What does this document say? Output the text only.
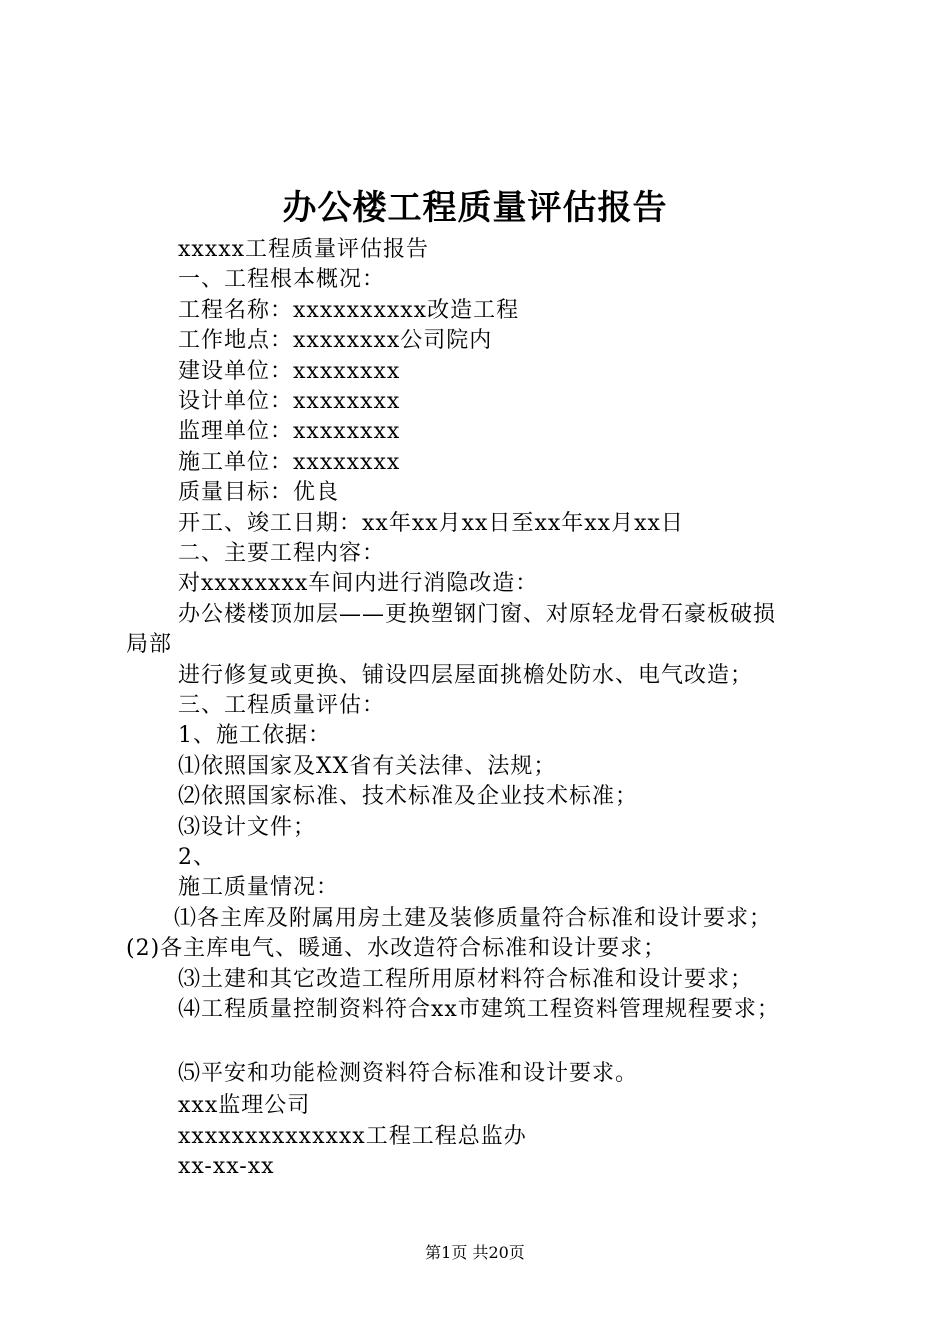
办公楼工程质量评估报告
xxxxx工程质量评估报告
一、工程根本概况：
工程名称：xxxxxxxxxx改造工程
工作地点：xxxxxxxx公司院内
建设单位：xxxxxxxx
设计单位：xxxxxxxx
监理单位：xxxxxxxx
施工单位：xxxxxxxx
质量目标：优良
开工、竣工日期：xx年xx月xx日至xx年xx月xx日
二、主要工程内容：
对xxxxxxxx车间内进行消隐改造：
办公楼楼顶加层——更换塑钢门窗、对原轻龙骨石豪板破损
局部
进行修复或更换、铺设四层屋面挑檐处防水、电气改造；
三、工程质量评估：
1、施工依据：
⑴依照国家及XX省有关法律、法规；
⑵依照国家标准、技术标准及企业技术标准；
⑶设计文件；
2、
施工质量情况：
⑴各主库及附属用房土建及装修质量符合标准和设计要求；
(2)各主库电气、暖通、水改造符合标准和设计要求；
⑶土建和其它改造工程所用原材料符合标准和设计要求；
⑷工程质量控制资料符合xx市建筑工程资料管理规程要求；
⑸平安和功能检测资料符合标准和设计要求。
xxx监理公司
xxxxxxxxxxxxxx工程工程总监办
xx-xx-xx
第1页 共20页
